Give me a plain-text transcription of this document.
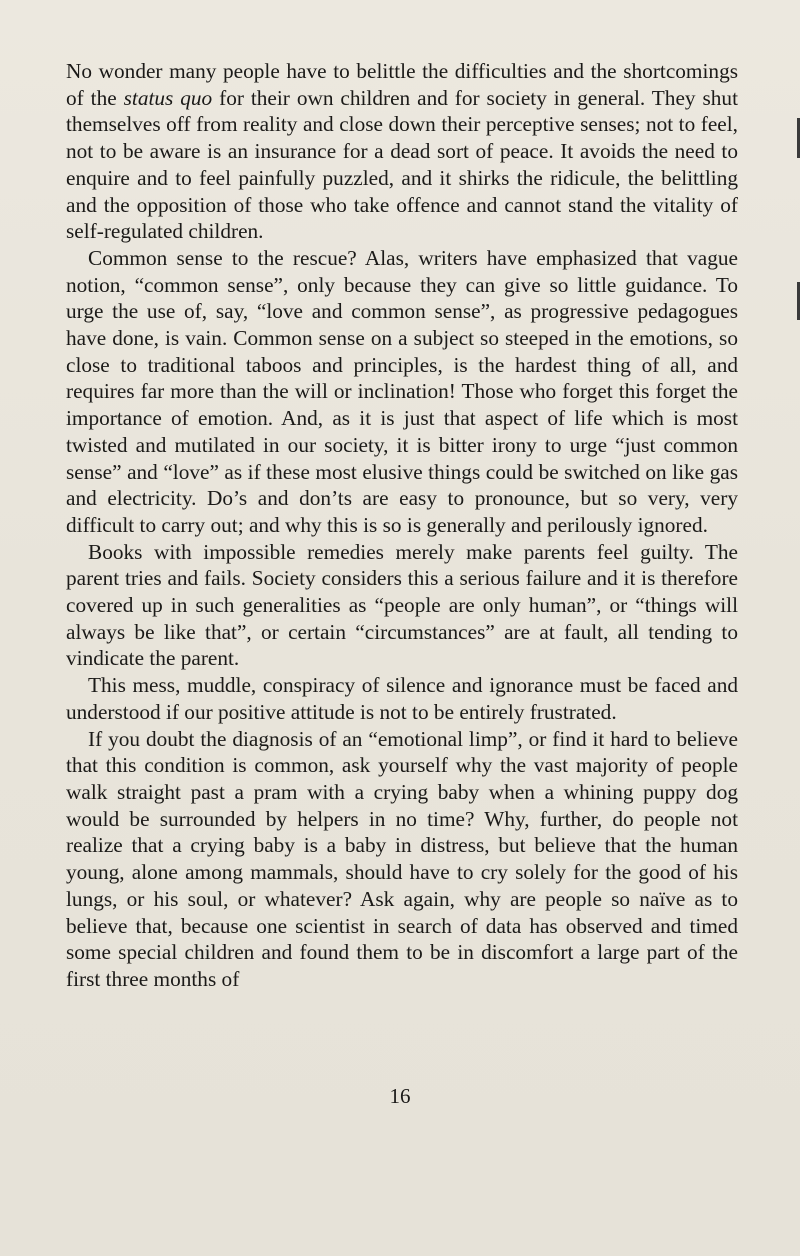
No wonder many people have to belittle the difficulties and the shortcomings of the status quo for their own children and for society in general. They shut themselves off from reality and close down their perceptive senses; not to feel, not to be aware is an insurance for a dead sort of peace. It avoids the need to enquire and to feel painfully puzzled, and it shirks the ridicule, the belittling and the opposition of those who take offence and cannot stand the vitality of self-regulated children.

Common sense to the rescue? Alas, writers have emphasized that vague notion, “common sense”, only because they can give so little guidance. To urge the use of, say, “love and common sense”, as progressive pedagogues have done, is vain. Common sense on a subject so steeped in the emotions, so close to traditional taboos and principles, is the hardest thing of all, and requires far more than the will or inclination! Those who forget this forget the importance of emotion. And, as it is just that aspect of life which is most twisted and mutilated in our society, it is bitter irony to urge “just common sense” and “love” as if these most elusive things could be switched on like gas and electricity. Do’s and don’ts are easy to pronounce, but so very, very difficult to carry out; and why this is so is generally and perilously ignored.

Books with impossible remedies merely make parents feel guilty. The parent tries and fails. Society considers this a serious failure and it is therefore covered up in such generalities as “people are only human”, or “things will always be like that”, or certain “circumstances” are at fault, all tending to vindicate the parent.

This mess, muddle, conspiracy of silence and ignorance must be faced and understood if our positive attitude is not to be entirely frustrated.

If you doubt the diagnosis of an “emotional limp”, or find it hard to believe that this condition is common, ask yourself why the vast majority of people walk straight past a pram with a crying baby when a whining puppy dog would be surrounded by helpers in no time? Why, further, do people not realize that a crying baby is a baby in distress, but believe that the human young, alone among mammals, should have to cry solely for the good of his lungs, or his soul, or whatever? Ask again, why are people so naïve as to believe that, because one scientist in search of data has observed and timed some special children and found them to be in discomfort a large part of the first three months of

16
